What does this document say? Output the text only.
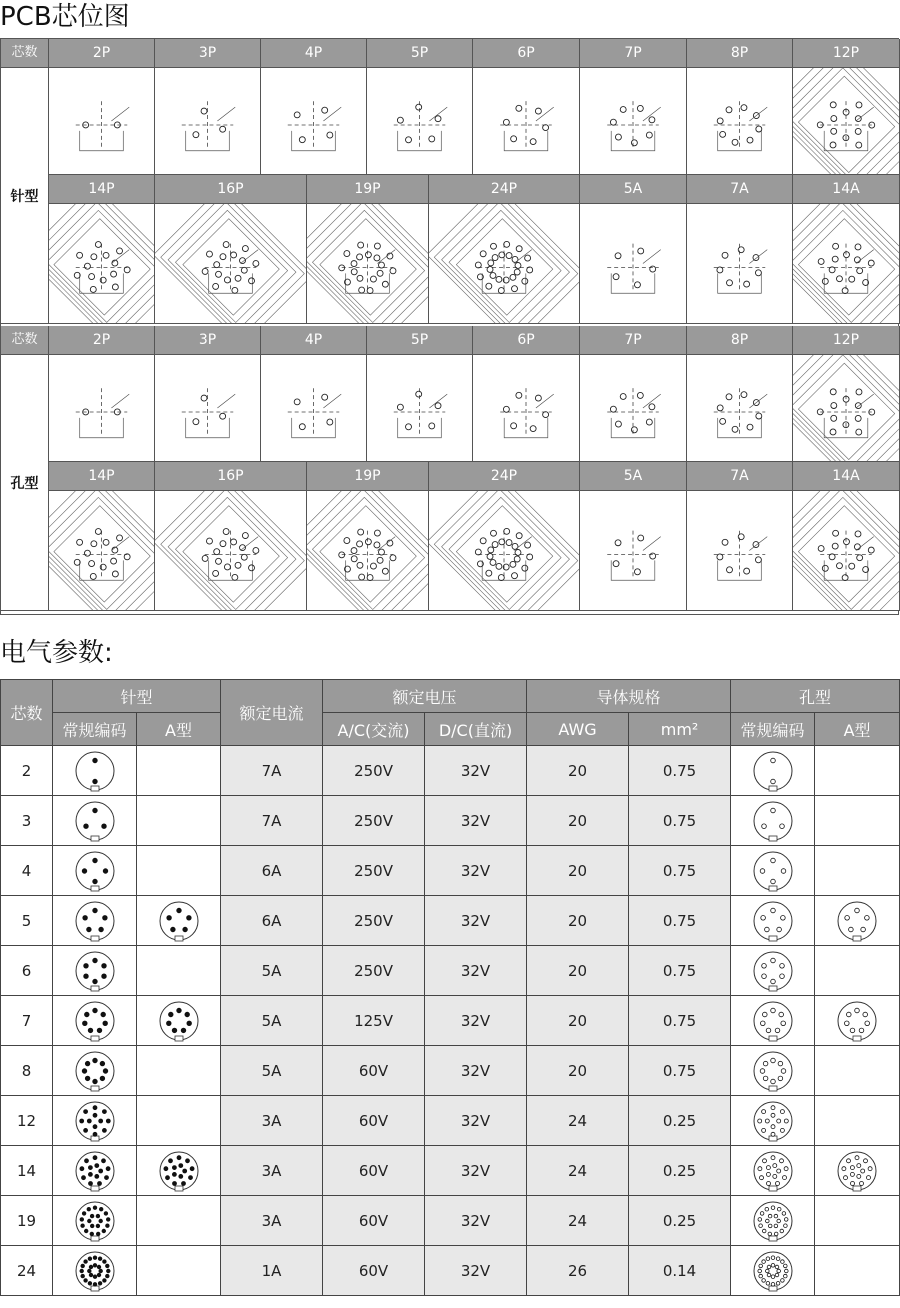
PCB芯位图
芯数	2P	3P	4P	5P	6P	7P	8P	12P
14P	16P	19P	24P	5A	7A	14A
针型
芯数	2P	3P	4P	5P	6P	7P	8P	12P
14P	16P	19P	24P	5A	7A	14A
孔型
电气参数:
芯数	针型		额定电流	额定电压		导体规格		孔型	
	常规编码	A型		A/C(交流)	D/C(直流)	AWG	mm²	常规编码	A型
2			7A	250V	32V	20	0.75	

3			7A	250V	32V	20	0.75	

4			6A	250V	32V	20	0.75	

5			6A	250V	32V	20	0.75	

6			5A	250V	32V	20	0.75	

7			5A	125V	32V	20	0.75	

8			5A	60V	32V	20	0.75	

12			3A	60V	32V	24	0.25	

14			3A	60V	32V	24	0.25	

19			3A	60V	32V	24	0.25	

24			1A	60V	32V	26	0.14	
